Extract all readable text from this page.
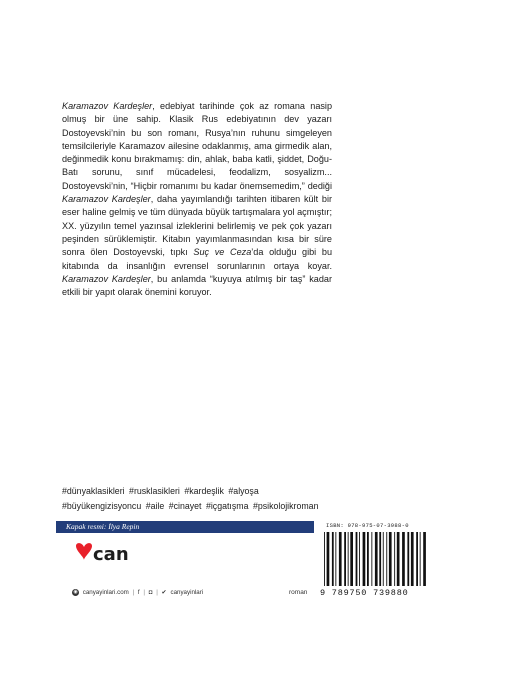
Karamazov Kardeşler, edebiyat tarihinde çok az romana nasip olmuş bir üne sahip. Klasik Rus edebiyatının dev yazarı Dostoyevski’nin bu son romanı, Rusya’nın ruhunu simgeleyen temsilcileriyle Karamazov ailesine odaklanmış, ama girmedik alan, değinmedik konu bırakmamış: din, ahlak, baba katli, şiddet, Doğu-Batı sorunu, sınıf mücadelesi, feodalizm, sosyalizm... Dostoyevski’nin, “Hiçbir romanımı bu kadar önemsemedim,” dediği Karamazov Kardeşler, daha yayımlandığı tarihten itibaren kült bir eser haline gelmiş ve tüm dünyada büyük tartışmalara yol açmıştır; XX. yüzyılın temel yazınsal izleklerini belirlemiş ve pek çok yazarı peşinden sürüklemiştir. Kitabın yayımlanmasından kısa bir süre sonra ölen Dostoyevski, tıpkı Suç ve Ceza’da olduğu gibi bu kitabında da insanlığın evrensel sorunlarının ortaya koyar. Karamazov Kardeşler, bu anlamda “kuyuya atılmış bir taş” kadar etkili bir yapıt olarak önemini koruyor.

#dünyaklasikleri #rusklasikleri #kardeşlik #alyoşa #büyükengizisyoncu #aile #cinayet #içgatışma #psikolojikroman
Kapak resmi: İlya Repin
can
◉ canyayinlari.com | f | ◘ | ✔ canyayinlari	roman
ISBN: 978-975-07-3988-0
9 789750 739880
